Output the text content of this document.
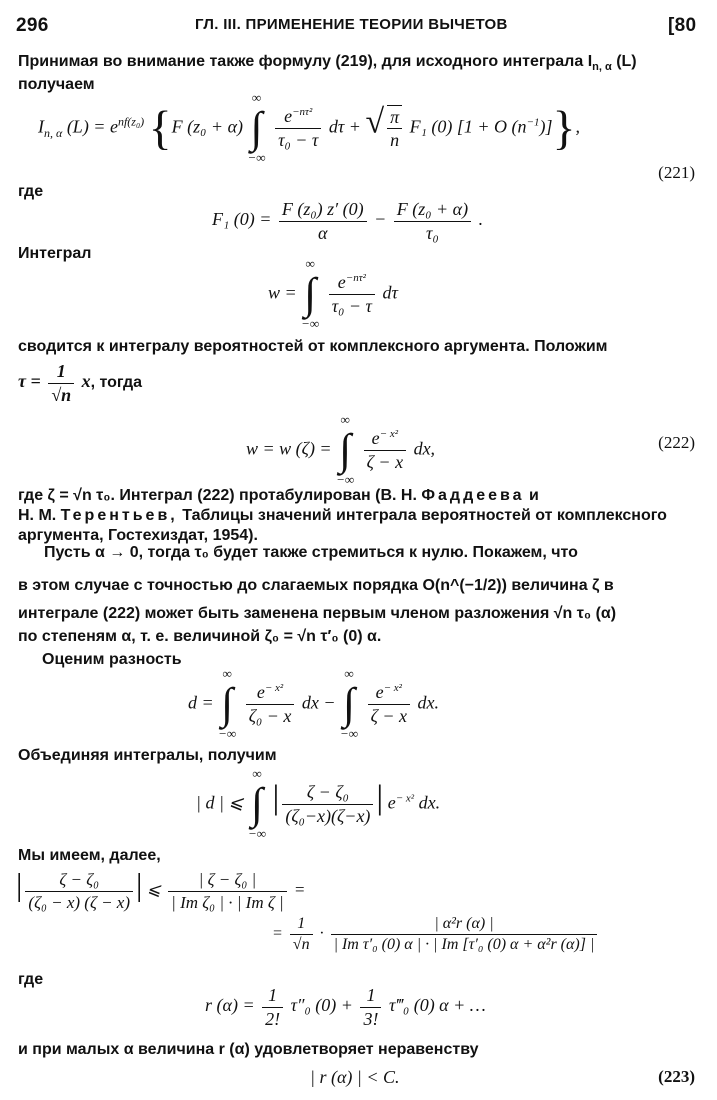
296	ГЛ. III. ПРИМЕНЕНИЕ ТЕОРИИ ВЫЧЕТОВ	[80
Принимая во внимание также формулу (219), для исходного интеграла $I_{n, \alpha}$ (L) получаем
$I_{n, \alpha}$ $(L) = e^{nf(z_0)}$ {F (z₀ + α) ∞
∫
−∞
$\frac{e^{-n\tau^2}}{\text{τ₀ − τ}}$ dτ + √ $\frac{\pi}{n} F_1$ (0) [1 + O $(n^{-1})$]},
(221)
где
F₁ $(0) = \frac{\text{F (z₀) z′ (0)}}{\alpha} - \frac{\text{F (z₀ + α)}}{\text{τ₀}}$ .
Интеграл
w = ∞
∫
−∞
$\frac{e^{-n\tau^2}}{\text{τ₀ − τ}}$ dτ
сводится к интегралу вероятностей от комплексного аргумента. Положим
$\tau = \frac{1}{√n} x$, тогда
w = w (ζ) = ∞
∫
−∞
$\frac{e^{- x^2}}{\zeta - x}$ dx,	(222)
где ζ = √n τ₀. Интеграл (222) протабулирован (В. Н. Фаддеева и
Н. М. Терентьев, Таблицы значений интеграла вероятностей от комплексного аргумента, Гостехиздат, 1954).
Пусть α → 0, тогда τ₀ будет также стремиться к нулю. Покажем, что
в этом случае с точностью до слагаемых порядка O(n^(−1/2)) величина ζ в
интеграле (222) может быть заменена первым членом разложения √n τ₀ (α)
по степеням α, т. е. величиной ζ₀ = √n τ′₀ (0) α.
Оценим разность
d = ∞
∫
−∞
$\frac{e^{- x^2}}{\text{ζ₀ − x}}$ dx − ∞
∫
−∞
$\frac{e^{- x^2}}{\zeta - x}$ dx.
Объединяя интегралы, получим
| d | ⩽ ∞
∫
−∞ | $\frac{\text{ζ − ζ₀}}{\text{(ζ₀−x)(ζ−x)}}$ | $e^{- x^2}$ dx.
Мы имеем, далее,
| $\frac{\text{ζ − ζ₀}}{\text{(ζ₀ − x) (ζ − x)}}$ | ⩽ $\frac{\text{| ζ − ζ₀ |}}{\text{| Im ζ₀ | · | Im ζ |}}$ =
= $\frac{1}{√n} \cdot \frac{\text{| α²r (α) |}}{\text{| Im τ′₀ (0) α | · | Im [τ′₀ (0) α + α²r (α)] |}}$
где
r $(\alpha) = \frac{1}{2!} \tau''_0$ $(0) + \frac{1}{3!}$ τ‴₀ (0) α + …
и при малых α величина r (α) удовлетворяет неравенству
| r (α) | < C.	(223)
